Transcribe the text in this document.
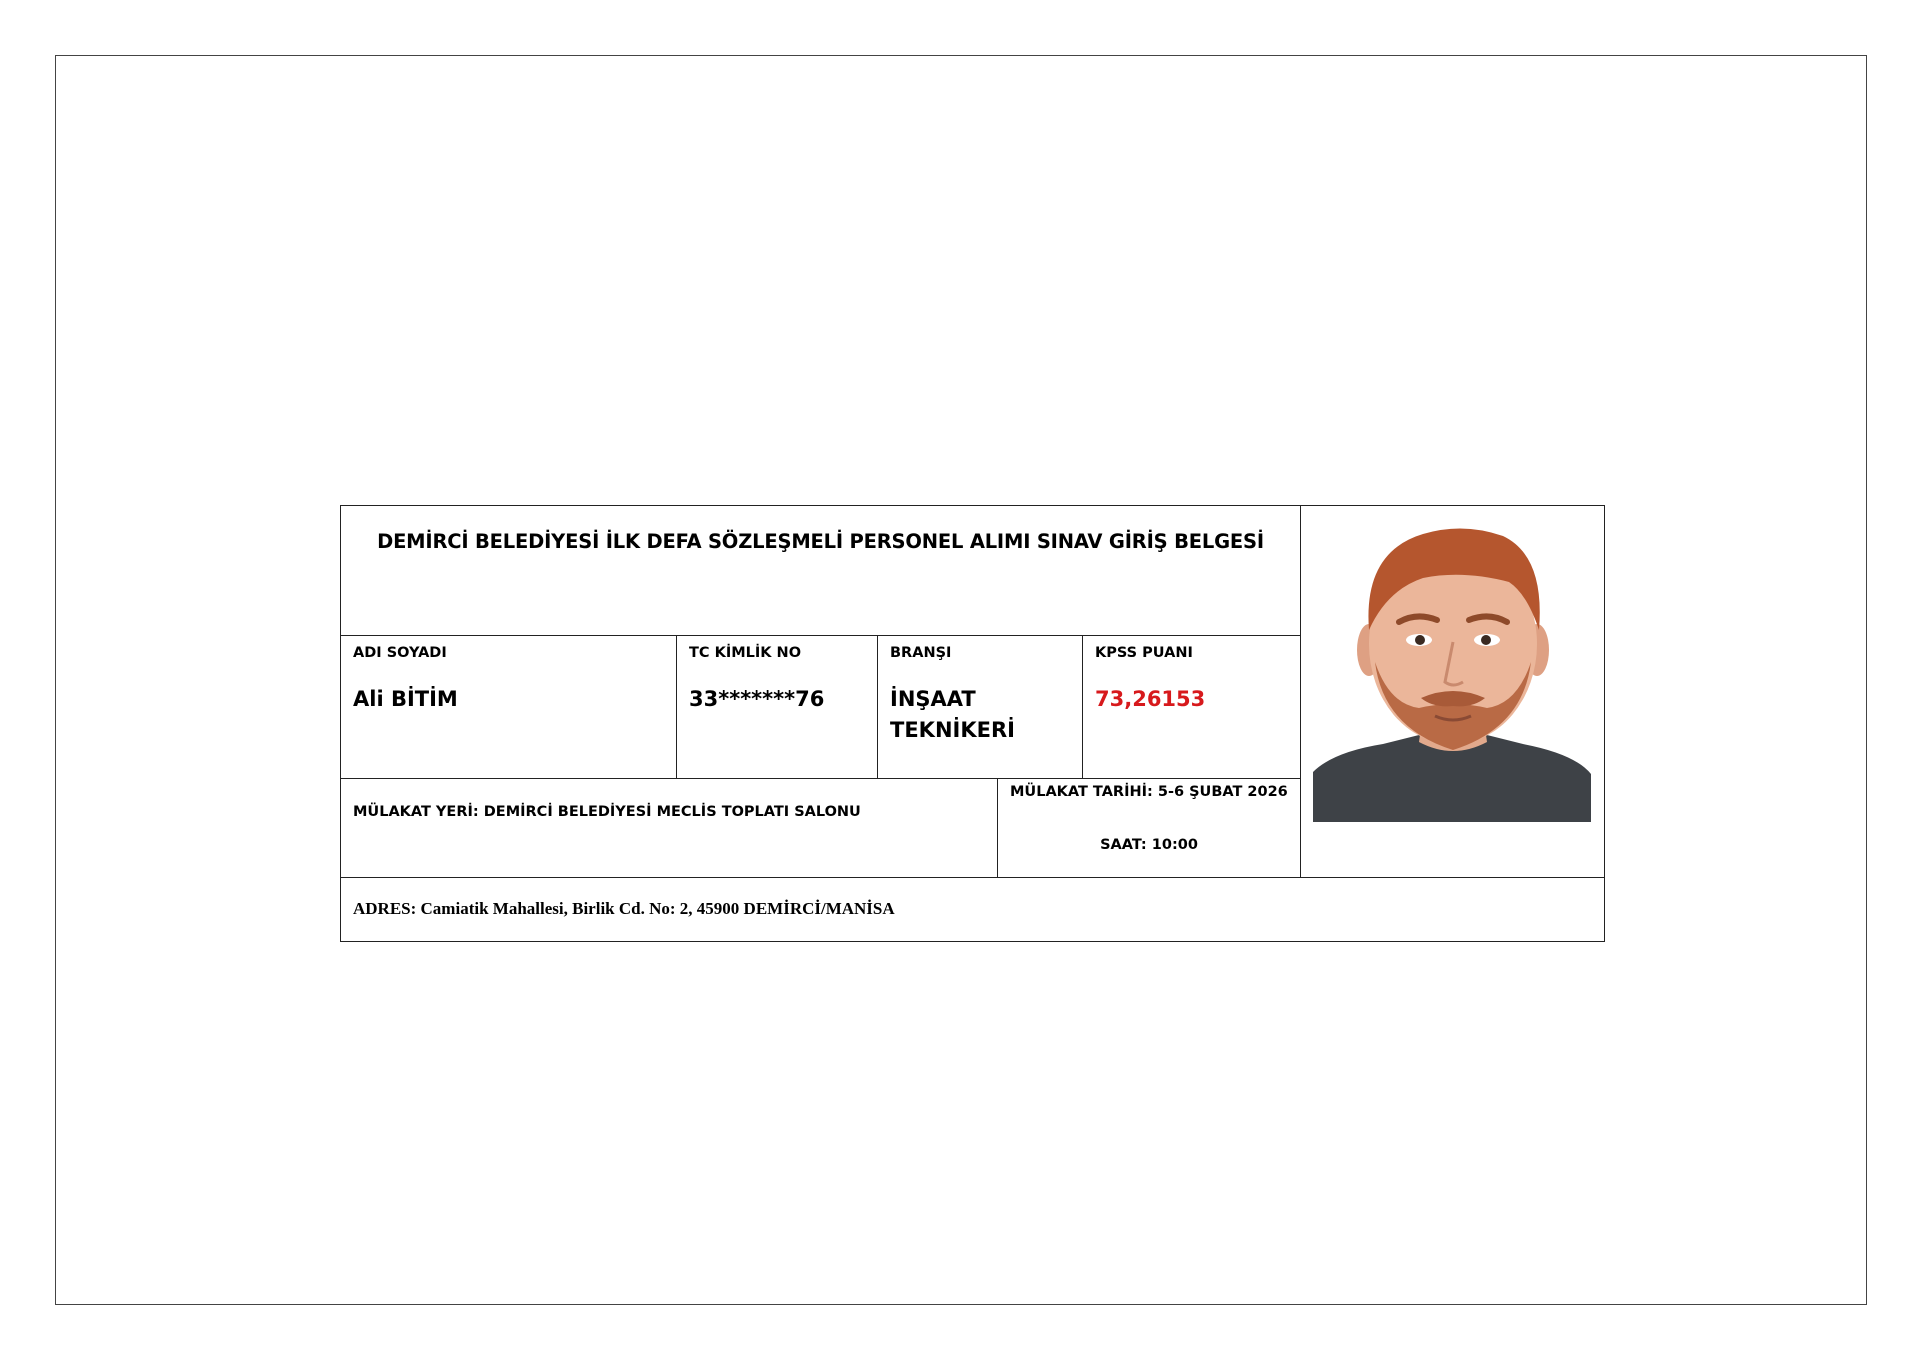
DEMİRCİ BELEDİYESİ İLK DEFA SÖZLEŞMELİ PERSONEL ALIMI SINAV GİRİŞ BELGESİ
ADI SOYADI
Ali BİTİM
TC KİMLİK NO
33*******76
BRANŞI
İNŞAAT TEKNİKERİ
KPSS PUANI
73,26153
MÜLAKAT YERİ: DEMİRCİ BELEDİYESİ MECLİS TOPLATI SALONU
MÜLAKAT TARİHİ: 5-6 ŞUBAT 2026
SAAT: 10:00
ADRES: Camiatik Mahallesi, Birlik Cd. No: 2, 45900 DEMİRCİ/MANİSA
